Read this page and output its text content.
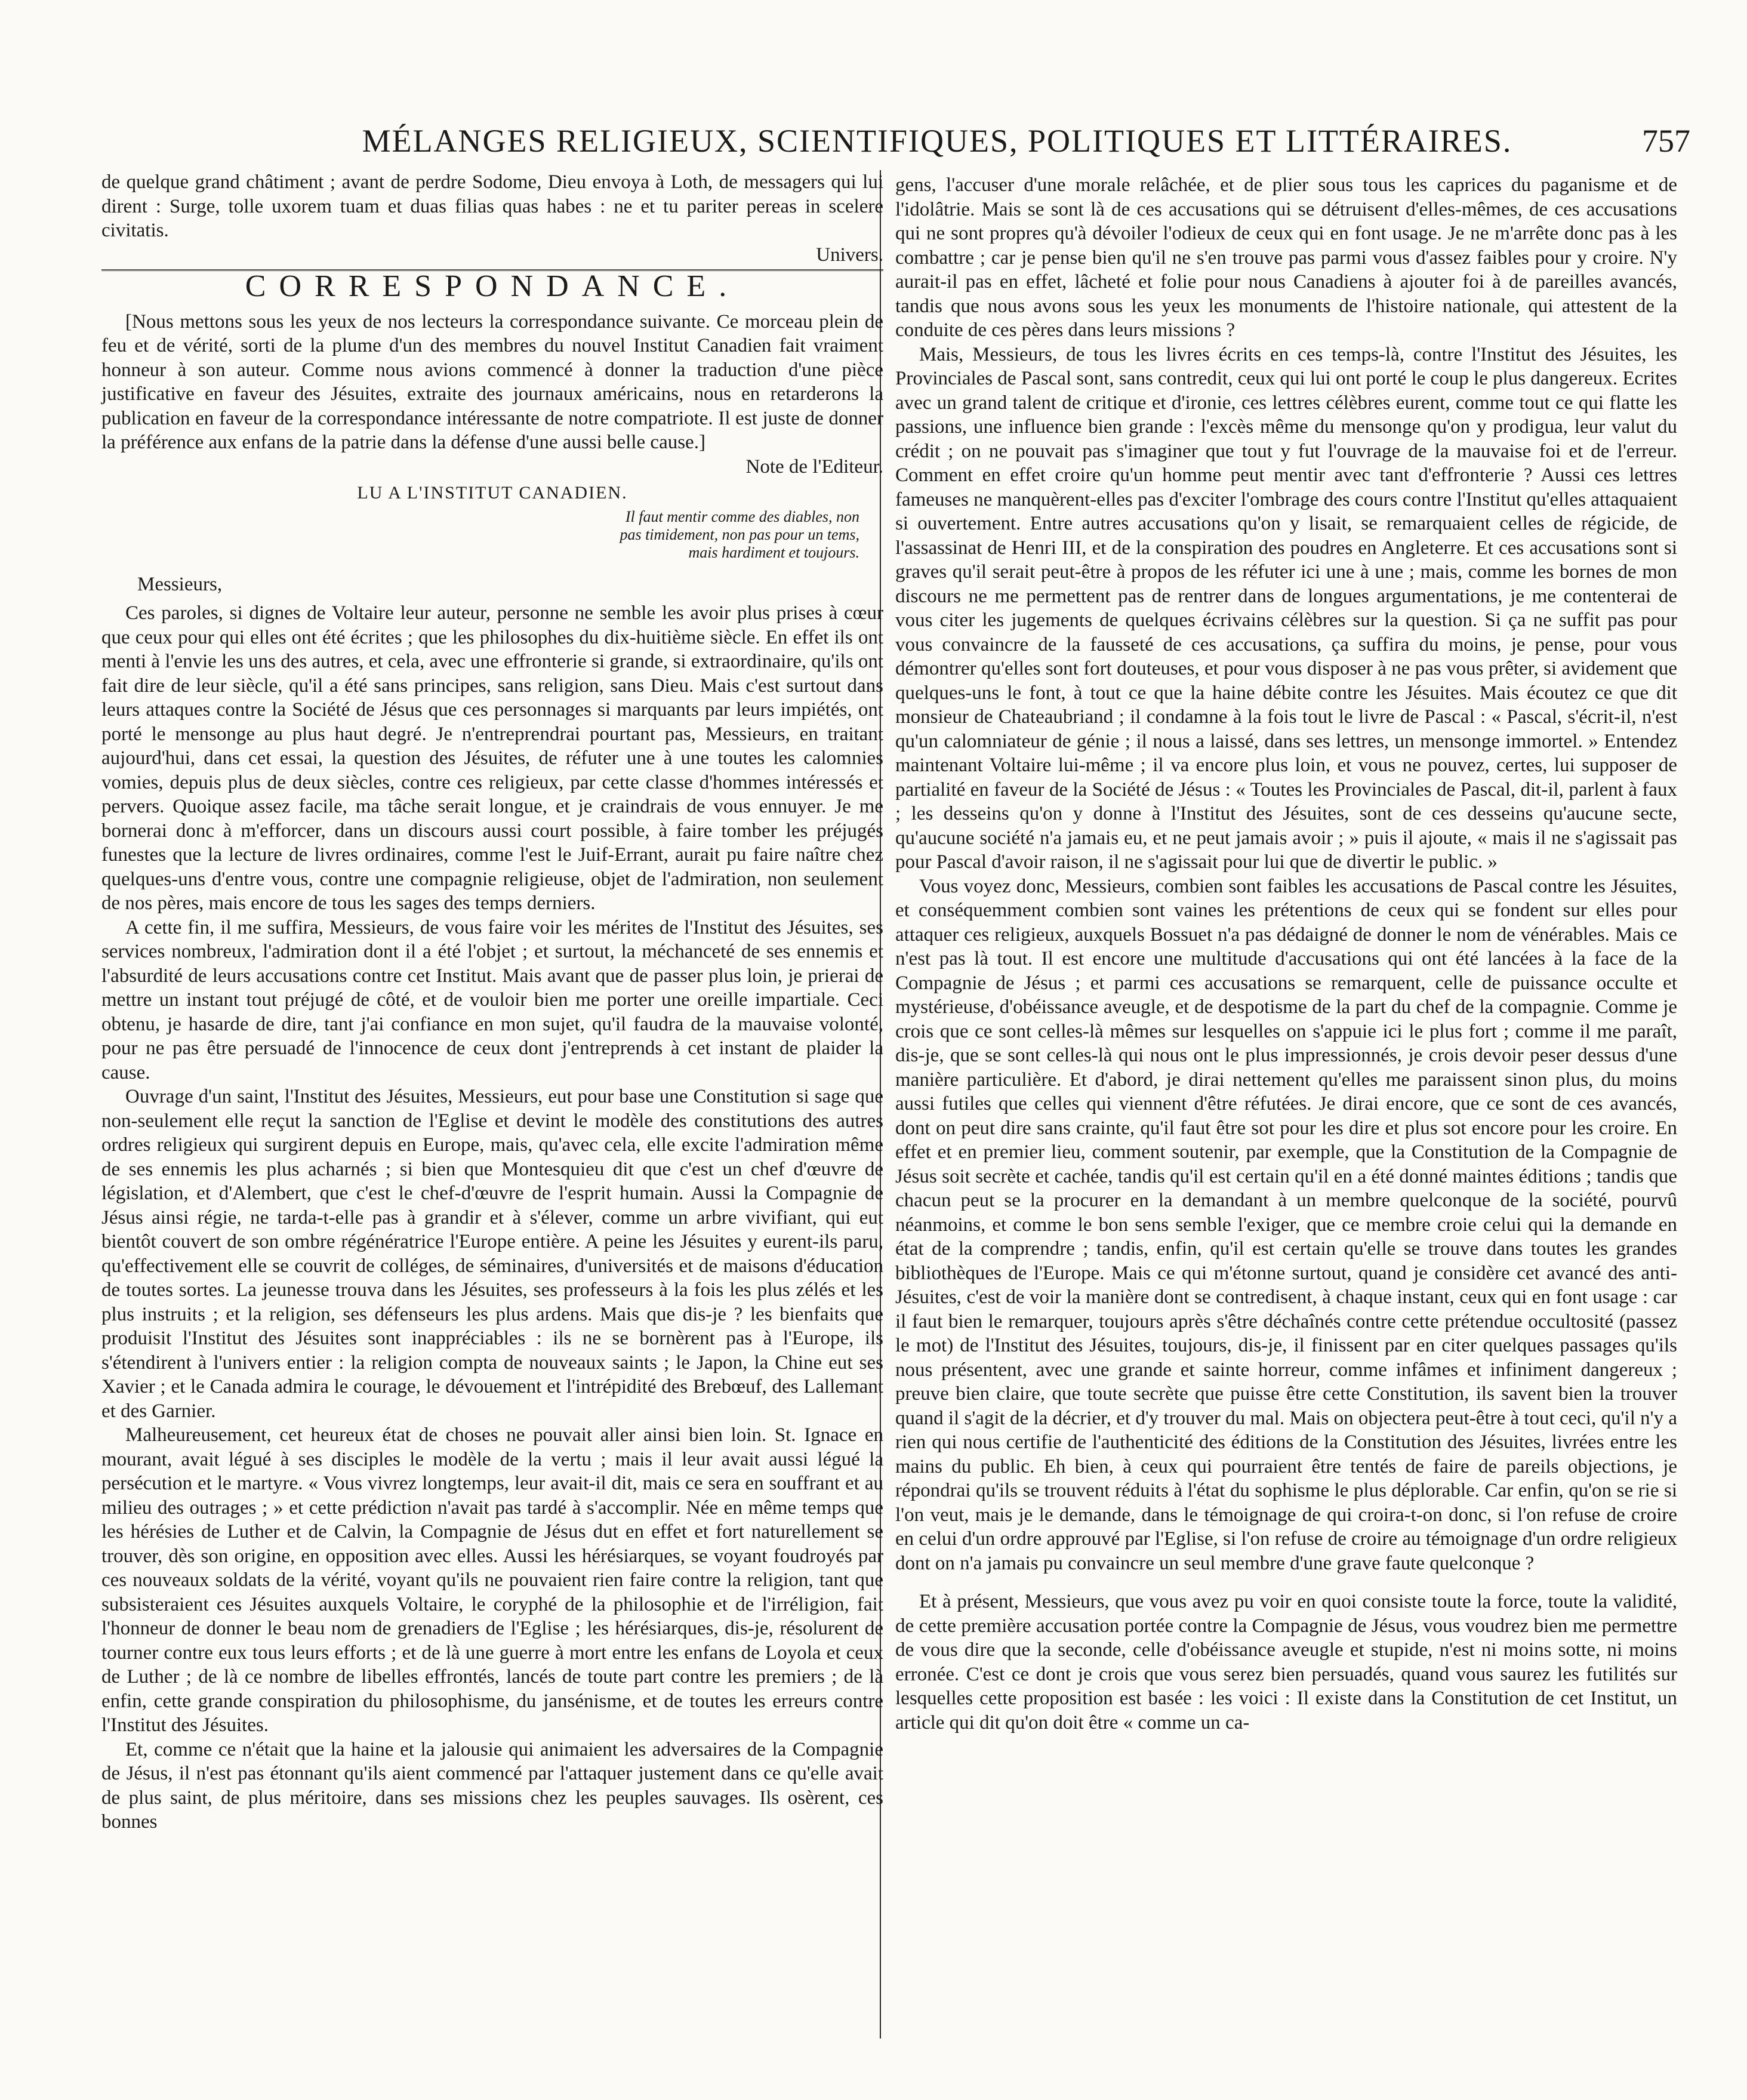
MÉLANGES RELIGIEUX, SCIENTIFIQUES, POLITIQUES ET LITTÉRAIRES.	757

de quelque grand châtiment ; avant de perdre Sodome, Dieu envoya à Loth, de messagers qui lui dirent : Surge, tolle uxorem tuam et duas filias quas habes : ne et tu pariter pereas in scelere civitatis.

Univers.

CORRESPONDANCE.

[Nous mettons sous les yeux de nos lecteurs la correspondance suivante. Ce morceau plein de feu et de vérité, sorti de la plume d'un des membres du nouvel Institut Canadien fait vraiment honneur à son auteur. Comme nous avions commencé à donner la traduction d'une pièce justificative en faveur des Jésuites, extraite des journaux américains, nous en retarderons la publication en faveur de la correspondance intéressante de notre compatriote. Il est juste de donner la préférence aux enfans de la patrie dans la défense d'une aussi belle cause.]

Note de l'Editeur.

LU A L'INSTITUT CANADIEN.
Il faut mentir comme des diables, non
pas timidement, non pas pour un tems,
mais hardiment et toujours.

Messieurs,

Ces paroles, si dignes de Voltaire leur auteur, personne ne semble les avoir plus prises à cœur que ceux pour qui elles ont été écrites ; que les philosophes du dix-huitième siècle. En effet ils ont menti à l'envie les uns des autres, et cela, avec une effronterie si grande, si extraordinaire, qu'ils ont fait dire de leur siècle, qu'il a été sans principes, sans religion, sans Dieu. Mais c'est surtout dans leurs attaques contre la Société de Jésus que ces personnages si marquants par leurs impiétés, ont porté le mensonge au plus haut degré. Je n'entreprendrai pourtant pas, Messieurs, en traitant aujourd'hui, dans cet essai, la question des Jésuites, de réfuter une à une toutes les calomnies vomies, depuis plus de deux siècles, contre ces religieux, par cette classe d'hommes intéressés et pervers. Quoique assez facile, ma tâche serait longue, et je craindrais de vous ennuyer. Je me bornerai donc à m'efforcer, dans un discours aussi court possible, à faire tomber les préjugés funestes que la lecture de livres ordinaires, comme l'est le Juif-Errant, aurait pu faire naître chez quelques-uns d'entre vous, contre une compagnie religieuse, objet de l'admiration, non seulement de nos pères, mais encore de tous les sages des temps derniers.

A cette fin, il me suffira, Messieurs, de vous faire voir les mérites de l'Institut des Jésuites, ses services nombreux, l'admiration dont il a été l'objet ; et surtout, la méchanceté de ses ennemis et l'absurdité de leurs accusations contre cet Institut. Mais avant que de passer plus loin, je prierai de mettre un instant tout préjugé de côté, et de vouloir bien me porter une oreille impartiale. Ceci obtenu, je hasarde de dire, tant j'ai confiance en mon sujet, qu'il faudra de la mauvaise volonté, pour ne pas être persuadé de l'innocence de ceux dont j'entreprends à cet instant de plaider la cause.

Ouvrage d'un saint, l'Institut des Jésuites, Messieurs, eut pour base une Constitution si sage que non-seulement elle reçut la sanction de l'Eglise et devint le modèle des constitutions des autres ordres religieux qui surgirent depuis en Europe, mais, qu'avec cela, elle excite l'admiration même de ses ennemis les plus acharnés ; si bien que Montesquieu dit que c'est un chef d'œuvre de législation, et d'Alembert, que c'est le chef-d'œuvre de l'esprit humain. Aussi la Compagnie de Jésus ainsi régie, ne tarda-t-elle pas à grandir et à s'élever, comme un arbre vivifiant, qui eut bientôt couvert de son ombre régénératrice l'Europe entière. A peine les Jésuites y eurent-ils paru, qu'effectivement elle se couvrit de colléges, de séminaires, d'universités et de maisons d'éducation de toutes sortes. La jeunesse trouva dans les Jésuites, ses professeurs à la fois les plus zélés et les plus instruits ; et la religion, ses défenseurs les plus ardens. Mais que dis-je ? les bienfaits que produisit l'Institut des Jésuites sont inappréciables : ils ne se bornèrent pas à l'Europe, ils s'étendirent à l'univers entier : la religion compta de nouveaux saints ; le Japon, la Chine eut ses Xavier ; et le Canada admira le courage, le dévouement et l'intrépidité des Brebœuf, des Lallemant et des Garnier.

Malheureusement, cet heureux état de choses ne pouvait aller ainsi bien loin. St. Ignace en mourant, avait légué à ses disciples le modèle de la vertu ; mais il leur avait aussi légué la persécution et le martyre. « Vous vivrez longtemps, leur avait-il dit, mais ce sera en souffrant et au milieu des outrages ; » et cette prédiction n'avait pas tardé à s'accomplir. Née en même temps que les hérésies de Luther et de Calvin, la Compagnie de Jésus dut en effet et fort naturellement se trouver, dès son origine, en opposition avec elles. Aussi les hérésiarques, se voyant foudroyés par ces nouveaux soldats de la vérité, voyant qu'ils ne pouvaient rien faire contre la religion, tant que subsisteraient ces Jésuites auxquels Voltaire, le coryphé de la philosophie et de l'irréligion, fait l'honneur de donner le beau nom de grenadiers de l'Eglise ; les hérésiarques, dis-je, résolurent de tourner contre eux tous leurs efforts ; et de là une guerre à mort entre les enfans de Loyola et ceux de Luther ; de là ce nombre de libelles effrontés, lancés de toute part contre les premiers ; de là enfin, cette grande conspiration du philosophisme, du jansénisme, et de toutes les erreurs contre l'Institut des Jésuites.

Et, comme ce n'était que la haine et la jalousie qui animaient les adversaires de la Compagnie de Jésus, il n'est pas étonnant qu'ils aient commencé par l'attaquer justement dans ce qu'elle avait de plus saint, de plus méritoire, dans ses missions chez les peuples sauvages. Ils osèrent, ces bonnes

gens, l'accuser d'une morale relâchée, et de plier sous tous les caprices du paganisme et de l'idolâtrie. Mais se sont là de ces accusations qui se détruisent d'elles-mêmes, de ces accusations qui ne sont propres qu'à dévoiler l'odieux de ceux qui en font usage. Je ne m'arrête donc pas à les combattre ; car je pense bien qu'il ne s'en trouve pas parmi vous d'assez faibles pour y croire. N'y aurait-il pas en effet, lâcheté et folie pour nous Canadiens à ajouter foi à de pareilles avancés, tandis que nous avons sous les yeux les monuments de l'histoire nationale, qui attestent de la conduite de ces pères dans leurs missions ?

Mais, Messieurs, de tous les livres écrits en ces temps-là, contre l'Institut des Jésuites, les Provinciales de Pascal sont, sans contredit, ceux qui lui ont porté le coup le plus dangereux. Ecrites avec un grand talent de critique et d'ironie, ces lettres célèbres eurent, comme tout ce qui flatte les passions, une influence bien grande : l'excès même du mensonge qu'on y prodigua, leur valut du crédit ; on ne pouvait pas s'imaginer que tout y fut l'ouvrage de la mauvaise foi et de l'erreur. Comment en effet croire qu'un homme peut mentir avec tant d'effronterie ? Aussi ces lettres fameuses ne manquèrent-elles pas d'exciter l'ombrage des cours contre l'Institut qu'elles attaquaient si ouvertement. Entre autres accusations qu'on y lisait, se remarquaient celles de régicide, de l'assassinat de Henri III, et de la conspiration des poudres en Angleterre. Et ces accusations sont si graves qu'il serait peut-être à propos de les réfuter ici une à une ; mais, comme les bornes de mon discours ne me permettent pas de rentrer dans de longues argumentations, je me contenterai de vous citer les jugements de quelques écrivains célèbres sur la question. Si ça ne suffit pas pour vous convaincre de la fausseté de ces accusations, ça suffira du moins, je pense, pour vous démontrer qu'elles sont fort douteuses, et pour vous disposer à ne pas vous prêter, si avidement que quelques-uns le font, à tout ce que la haine débite contre les Jésuites. Mais écoutez ce que dit monsieur de Chateaubriand ; il condamne à la fois tout le livre de Pascal : « Pascal, s'écrit-il, n'est qu'un calomniateur de génie ; il nous a laissé, dans ses lettres, un mensonge immortel. » Entendez maintenant Voltaire lui-même ; il va encore plus loin, et vous ne pouvez, certes, lui supposer de partialité en faveur de la Société de Jésus : « Toutes les Provinciales de Pascal, dit-il, parlent à faux ; les desseins qu'on y donne à l'Institut des Jésuites, sont de ces desseins qu'aucune secte, qu'aucune société n'a jamais eu, et ne peut jamais avoir ; » puis il ajoute, « mais il ne s'agissait pas pour Pascal d'avoir raison, il ne s'agissait pour lui que de divertir le public. »

Vous voyez donc, Messieurs, combien sont faibles les accusations de Pascal contre les Jésuites, et conséquemment combien sont vaines les prétentions de ceux qui se fondent sur elles pour attaquer ces religieux, auxquels Bossuet n'a pas dédaigné de donner le nom de vénérables. Mais ce n'est pas là tout. Il est encore une multitude d'accusations qui ont été lancées à la face de la Compagnie de Jésus ; et parmi ces accusations se remarquent, celle de puissance occulte et mystérieuse, d'obéissance aveugle, et de despotisme de la part du chef de la compagnie. Comme je crois que ce sont celles-là mêmes sur lesquelles on s'appuie ici le plus fort ; comme il me paraît, dis-je, que se sont celles-là qui nous ont le plus impressionnés, je crois devoir peser dessus d'une manière particulière. Et d'abord, je dirai nettement qu'elles me paraissent sinon plus, du moins aussi futiles que celles qui viennent d'être réfutées. Je dirai encore, que ce sont de ces avancés, dont on peut dire sans crainte, qu'il faut être sot pour les dire et plus sot encore pour les croire. En effet et en premier lieu, comment soutenir, par exemple, que la Constitution de la Compagnie de Jésus soit secrète et cachée, tandis qu'il est certain qu'il en a été donné maintes éditions ; tandis que chacun peut se la procurer en la demandant à un membre quelconque de la société, pourvû néanmoins, et comme le bon sens semble l'exiger, que ce membre croie celui qui la demande en état de la comprendre ; tandis, enfin, qu'il est certain qu'elle se trouve dans toutes les grandes bibliothèques de l'Europe. Mais ce qui m'étonne surtout, quand je considère cet avancé des anti-Jésuites, c'est de voir la manière dont se contredisent, à chaque instant, ceux qui en font usage : car il faut bien le remarquer, toujours après s'être déchaînés contre cette prétendue occultosité (passez le mot) de l'Institut des Jésuites, toujours, dis-je, il finissent par en citer quelques passages qu'ils nous présentent, avec une grande et sainte horreur, comme infâmes et infiniment dangereux ; preuve bien claire, que toute secrète que puisse être cette Constitution, ils savent bien la trouver quand il s'agit de la décrier, et d'y trouver du mal. Mais on objectera peut-être à tout ceci, qu'il n'y a rien qui nous certifie de l'authenticité des éditions de la Constitution des Jésuites, livrées entre les mains du public. Eh bien, à ceux qui pourraient être tentés de faire de pareils objections, je répondrai qu'ils se trouvent réduits à l'état du sophisme le plus déplorable. Car enfin, qu'on se rie si l'on veut, mais je le demande, dans le témoignage de qui croira-t-on donc, si l'on refuse de croire en celui d'un ordre approuvé par l'Eglise, si l'on refuse de croire au témoignage d'un ordre religieux dont on n'a jamais pu convaincre un seul membre d'une grave faute quelconque ?

Et à présent, Messieurs, que vous avez pu voir en quoi consiste toute la force, toute la validité, de cette première accusation portée contre la Compagnie de Jésus, vous voudrez bien me permettre de vous dire que la seconde, celle d'obéissance aveugle et stupide, n'est ni moins sotte, ni moins erronée. C'est ce dont je crois que vous serez bien persuadés, quand vous saurez les futilités sur lesquelles cette proposition est basée : les voici : Il existe dans la Constitution de cet Institut, un article qui dit qu'on doit être « comme un ca-
